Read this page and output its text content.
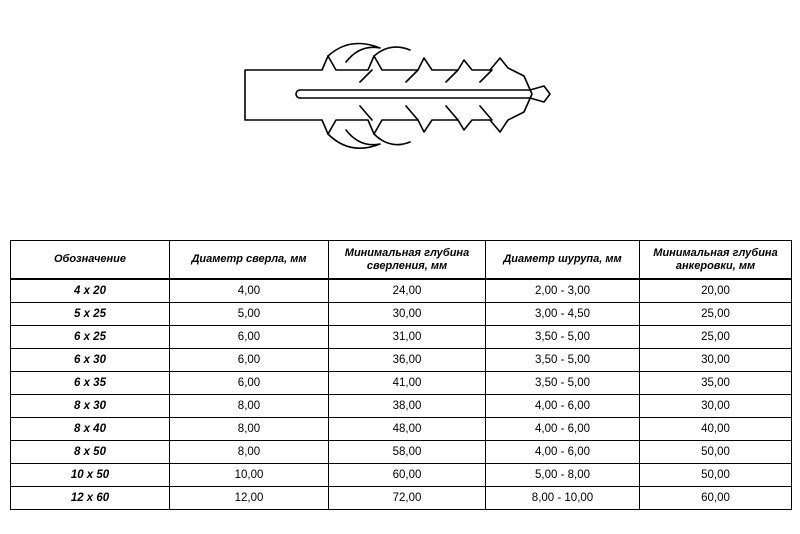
Обозначение	Диаметр сверла, мм	Минимальная глубина сверления, мм	Диаметр шурупа, мм	Минимальная глубина анкеровки, мм
4 x 20	4,00	24,00	2,00 - 3,00	20,00
5 x 25	5,00	30,00	3,00 - 4,50	25,00
6 x 25	6,00	31,00	3,50 - 5,00	25,00
6 x 30	6,00	36,00	3,50 - 5,00	30,00
6 x 35	6,00	41,00	3,50 - 5,00	35,00
8 x 30	8,00	38,00	4,00 - 6,00	30,00
8 x 40	8,00	48,00	4,00 - 6,00	40,00
8 x 50	8,00	58,00	4,00 - 6,00	50,00
10 x 50	10,00	60,00	5,00 - 8,00	50,00
12 x 60	12,00	72,00	8,00 - 10,00	60,00
